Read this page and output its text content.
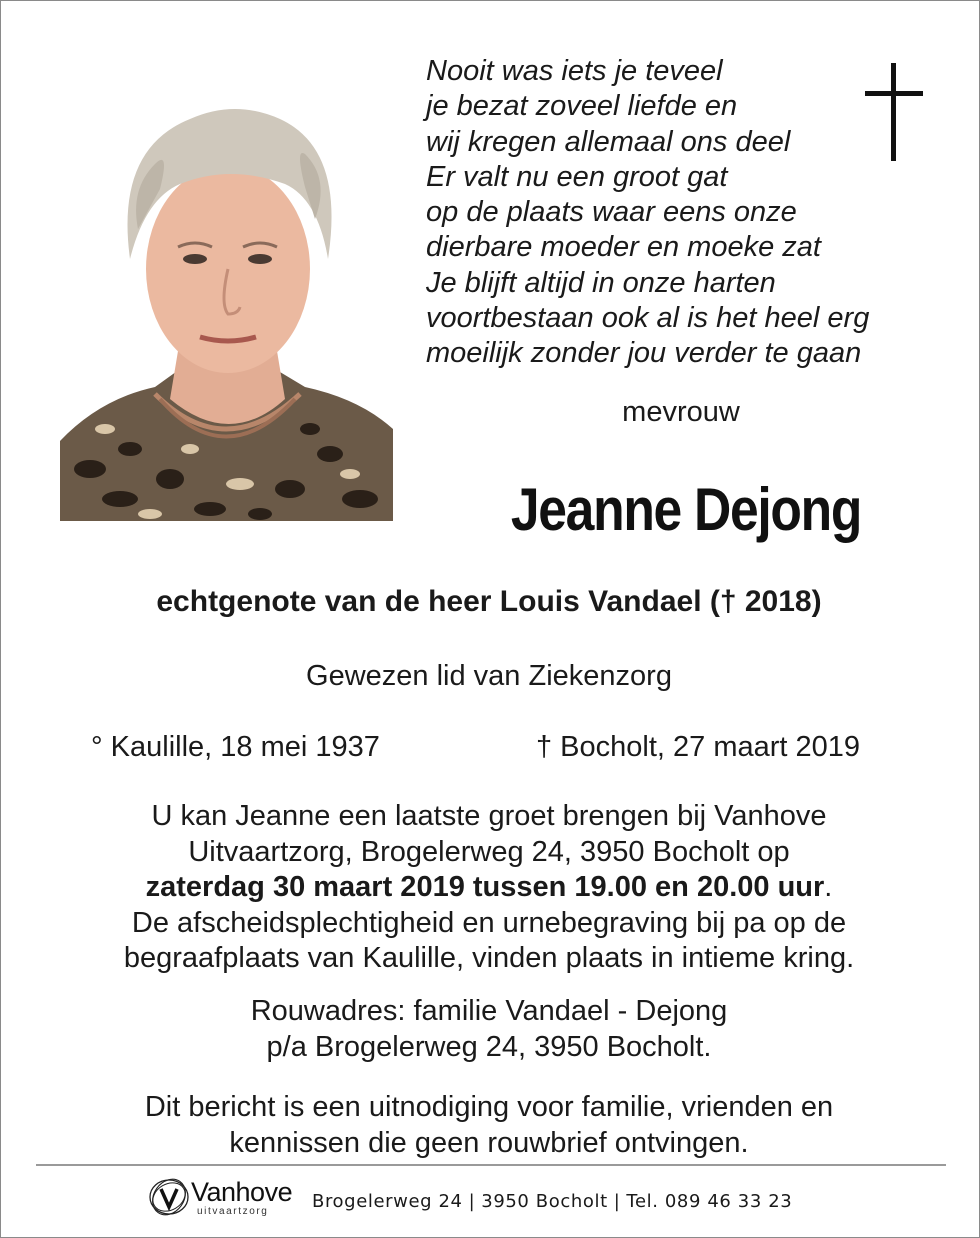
Nooit was iets je teveel
je bezat zoveel liefde en
wij kregen allemaal ons deel
Er valt nu een groot gat
op de plaats waar eens onze
dierbare moeder en moeke zat
Je blijft altijd in onze harten
voortbestaan ook al is het heel erg
moeilijk zonder jou verder te gaan
mevrouw
Jeanne Dejong
echtgenote van de heer Louis Vandael († 2018)
Gewezen lid van Ziekenzorg
° Kaulille, 18 mei 1937	† Bocholt, 27 maart 2019
U kan Jeanne een laatste groet brengen bij Vanhove
Uitvaartzorg, Brogelerweg 24, 3950 Bocholt op
zaterdag 30 maart 2019 tussen 19.00 en 20.00 uur.
De afscheidsplechtigheid en urnebegraving bij pa op de
begraafplaats van Kaulille, vinden plaats in intieme kring.
Rouwadres: familie Vandael - Dejong
p/a Brogelerweg 24, 3950 Bocholt.
Dit bericht is een uitnodiging voor familie, vrienden en
kennissen die geen rouwbrief ontvingen.
Vanhove
uitvaartzorg Brogelerweg 24 | 3950 Bocholt | Tel. 089 46 33 23
